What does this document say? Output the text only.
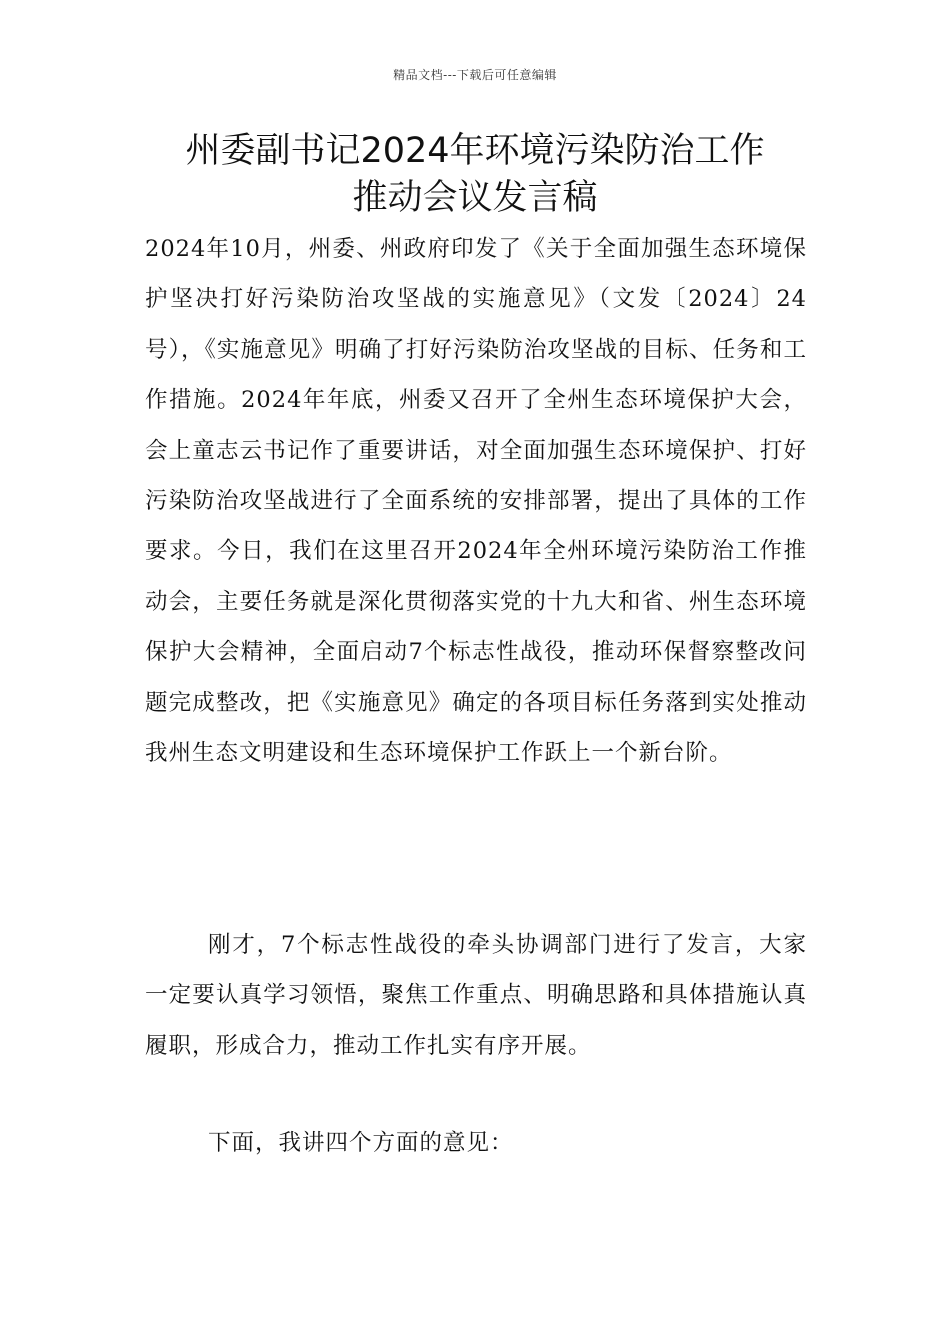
精品文档---下载后可任意编辑
州委副书记2024年环境污染防治工作
推动会议发言稿

2024年10月，州委、州政府印发了《关于全面加强生态环境保护坚决打好污染防治攻坚战的实施意见》（文发〔2024〕24号），《实施意见》明确了打好污染防治攻坚战的目标、任务和工作措施。2024年年底，州委又召开了全州生态环境保护大会，会上童志云书记作了重要讲话，对全面加强生态环境保护、打好污染防治攻坚战进行了全面系统的安排部署，提出了具体的工作要求。今日，我们在这里召开2024年全州环境污染防治工作推动会，主要任务就是深化贯彻落实党的十九大和省、州生态环境保护大会精神，全面启动7个标志性战役，推动环保督察整改问题完成整改，把《实施意见》确定的各项目标任务落到实处推动我州生态文明建设和生态环境保护工作跃上一个新台阶。

刚才，7个标志性战役的牵头协调部门进行了发言，大家一定要认真学习领悟，聚焦工作重点、明确思路和具体措施认真履职，形成合力，推动工作扎实有序开展。

下面，我讲四个方面的意见：
